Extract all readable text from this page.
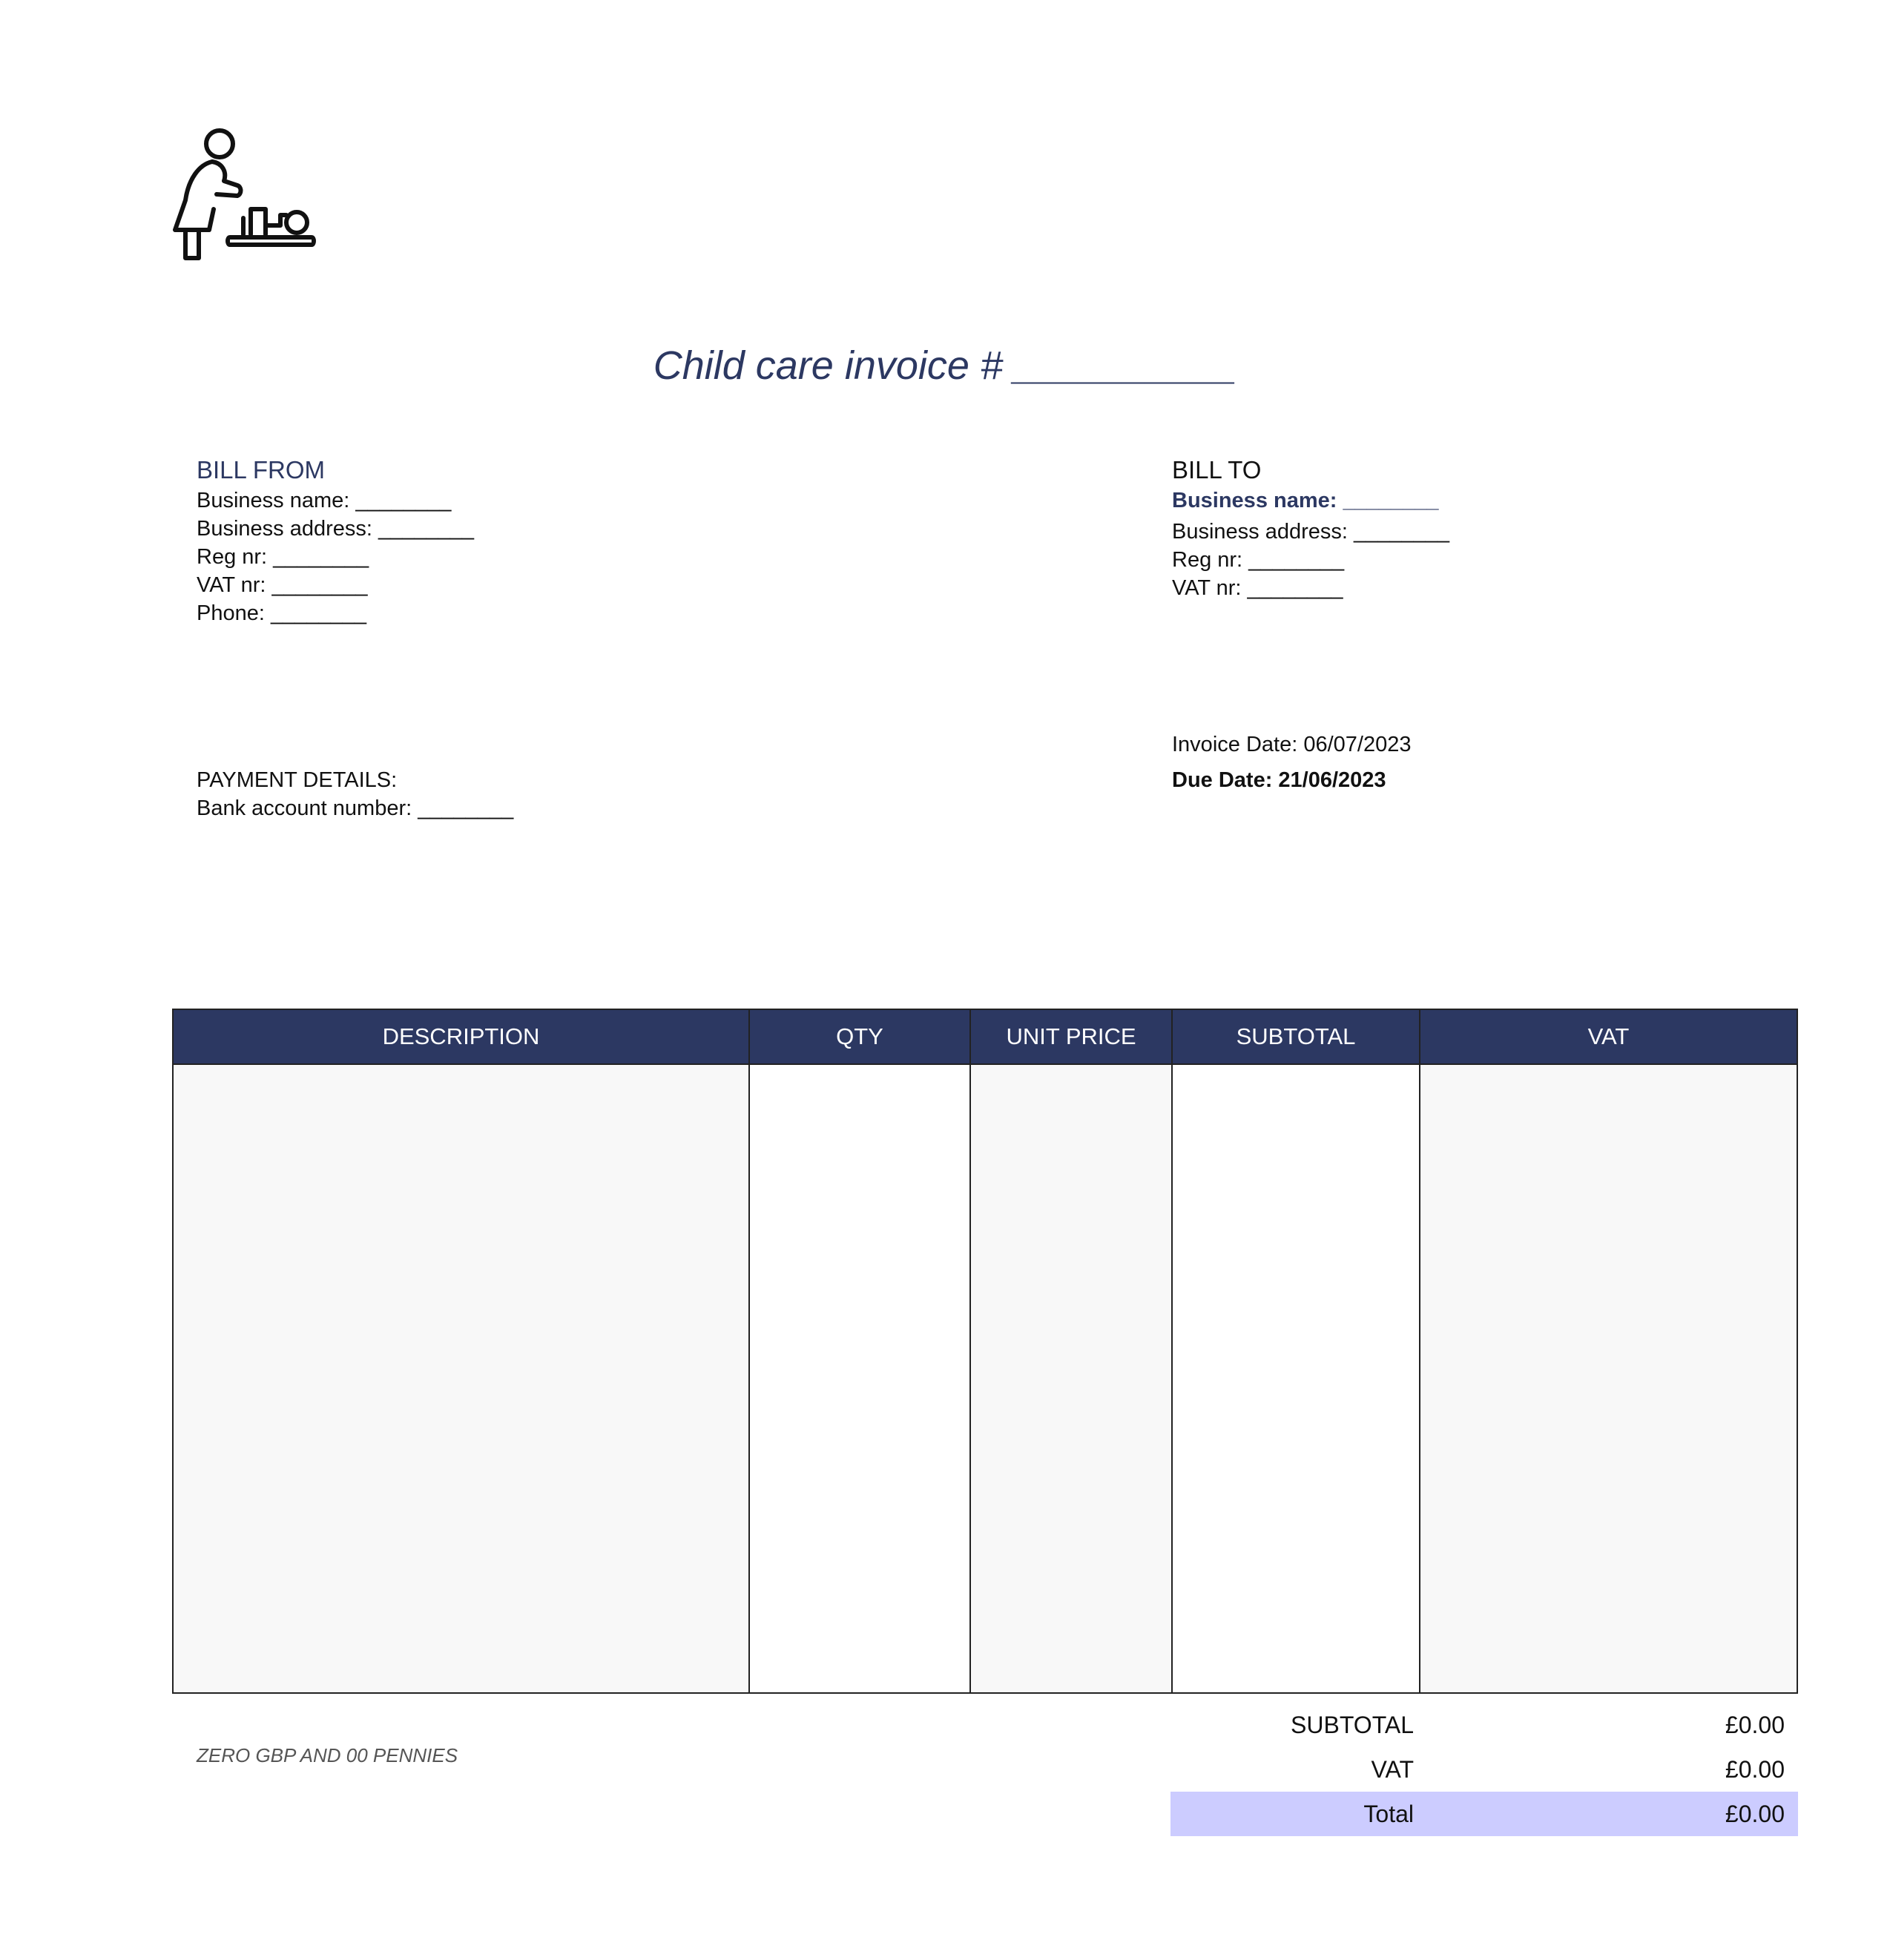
Child care invoice # __________
BILL FROM
Business name: ________
Business address: ________
Reg nr: ________
VAT nr: ________
Phone: ________
BILL TO
Business name: ________
Business address: ________
Reg nr: ________
VAT nr: ________
Invoice Date: 06/07/2023
Due Date: 21/06/2023
PAYMENT DETAILS:
Bank account number: ________
DESCRIPTION	QTY	UNIT PRICE	SUBTOTAL	VAT
ZERO GBP AND 00 PENNIES
SUBTOTAL	£0.00
VAT	£0.00
Total	£0.00
